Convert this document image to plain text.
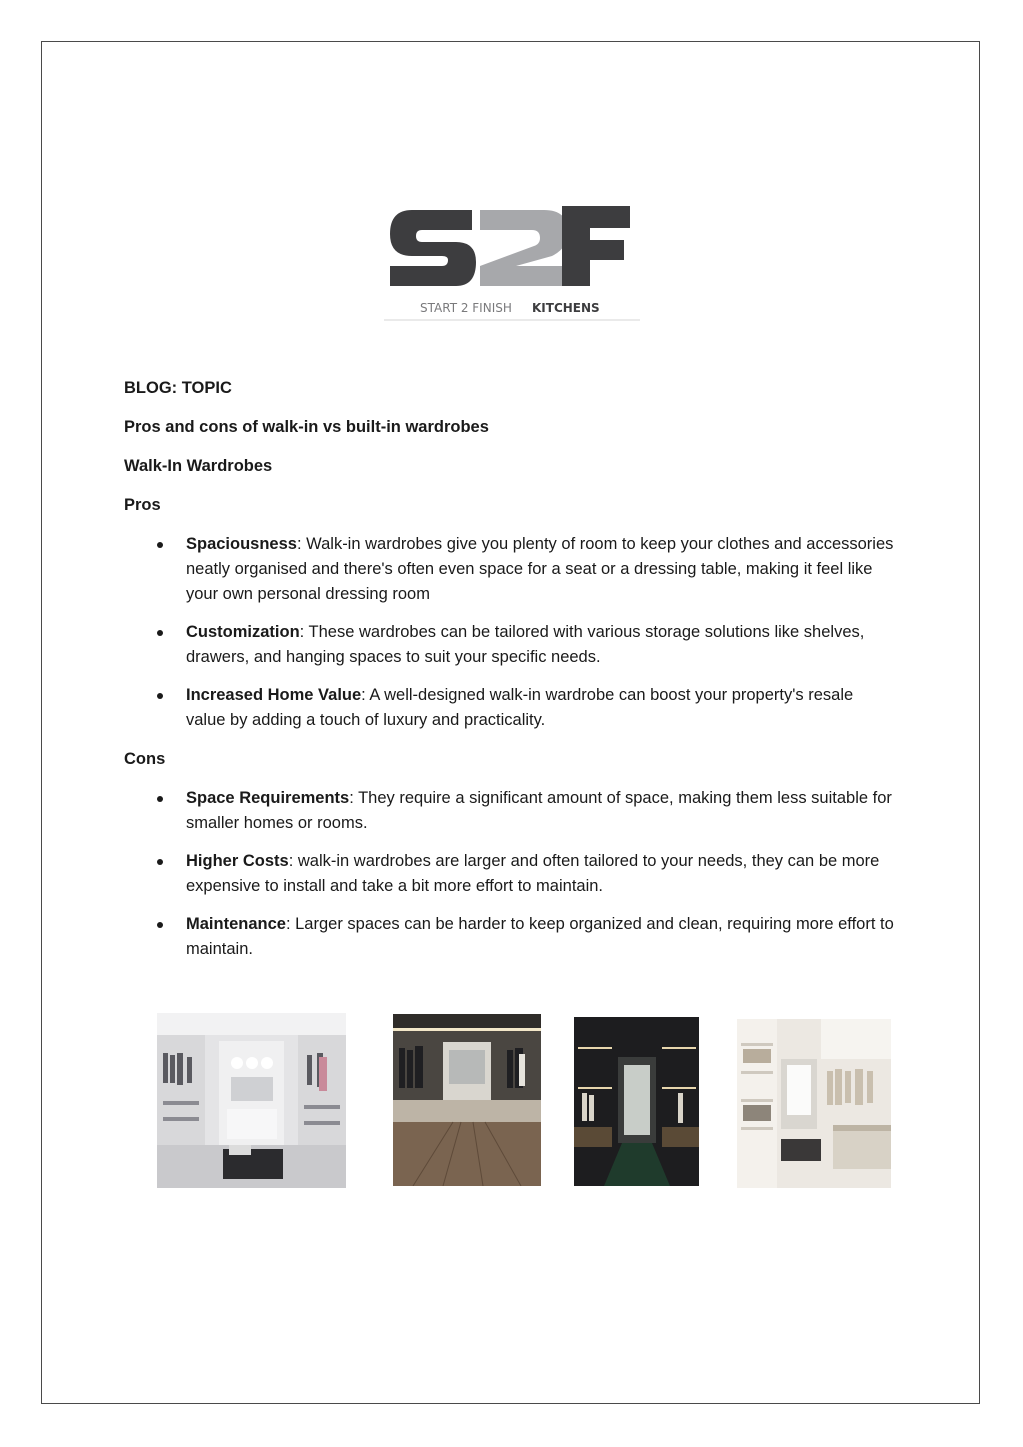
START 2 FINISH KITCHENS

BLOG: TOPIC

Pros and cons of walk-in vs built-in wardrobes

Walk-In Wardrobes

Pros

Spaciousness: Walk-in wardrobes give you plenty of room to keep your clothes and accessories neatly organised and there's often even space for a seat or a dressing table, making it feel like your own personal dressing room
Customization: These wardrobes can be tailored with various storage solutions like shelves, drawers, and hanging spaces to suit your specific needs.
Increased Home Value: A well-designed walk-in wardrobe can boost your property's resale value by adding a touch of luxury and practicality.

Cons

Space Requirements: They require a significant amount of space, making them less suitable for smaller homes or rooms.
Higher Costs: walk-in wardrobes are larger and often tailored to your needs, they can be more expensive to install and take a bit more effort to maintain.
Maintenance: Larger spaces can be harder to keep organized and clean, requiring more effort to maintain.
